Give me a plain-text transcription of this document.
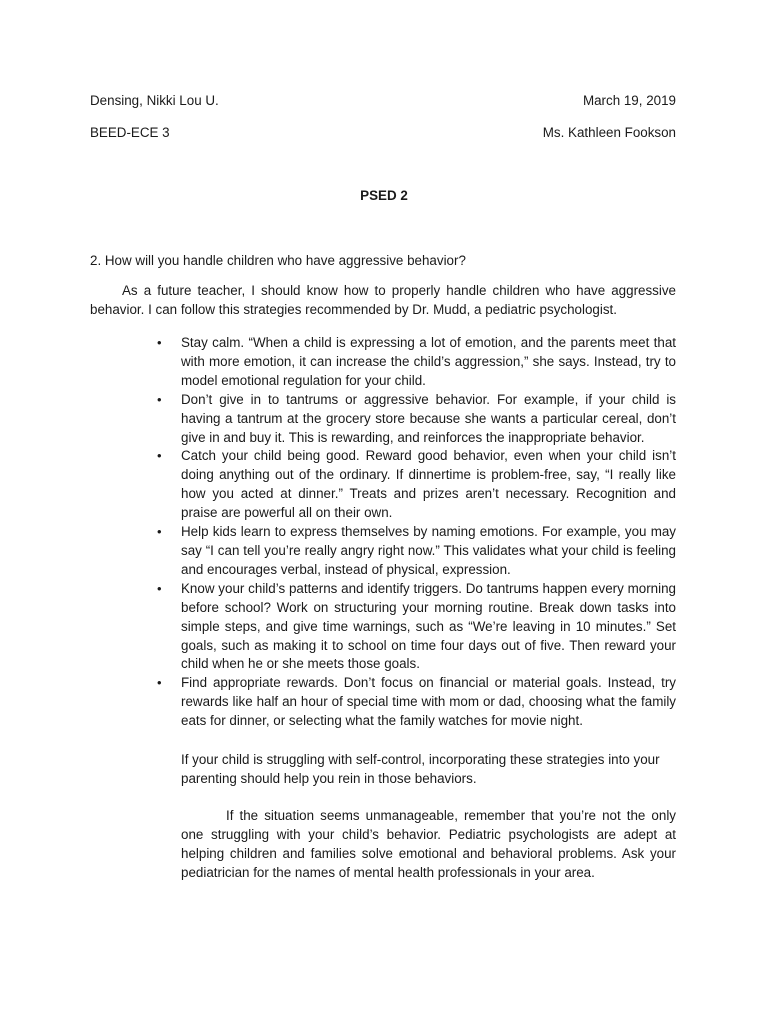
Densing, Nikki Lou U.	March 19, 2019
BEED-ECE 3	Ms. Kathleen Fookson
PSED 2
2. How will you handle children who have aggressive behavior?
As a future teacher, I should know how to properly handle children who have aggressive behavior. I can follow this strategies recommended by Dr. Mudd, a pediatric psychologist.
• Stay calm. “When a child is expressing a lot of emotion, and the parents meet that with more emotion, it can increase the child’s aggression,” she says. Instead, try to model emotional regulation for your child.
• Don’t give in to tantrums or aggressive behavior. For example, if your child is having a tantrum at the grocery store because she wants a particular cereal, don’t give in and buy it. This is rewarding, and reinforces the inappropriate behavior.
• Catch your child being good. Reward good behavior, even when your child isn’t doing anything out of the ordinary. If dinnertime is problem-free, say, “I really like how you acted at dinner.” Treats and prizes aren’t necessary. Recognition and praise are powerful all on their own.
• Help kids learn to express themselves by naming emotions. For example, you may say “I can tell you’re really angry right now.” This validates what your child is feeling and encourages verbal, instead of physical, expression.
• Know your child’s patterns and identify triggers. Do tantrums happen every morning before school? Work on structuring your morning routine. Break down tasks into simple steps, and give time warnings, such as “We’re leaving in 10 minutes.” Set goals, such as making it to school on time four days out of five. Then reward your child when he or she meets those goals.
• Find appropriate rewards. Don’t focus on financial or material goals. Instead, try rewards like half an hour of special time with mom or dad, choosing what the family eats for dinner, or selecting what the family watches for movie night.
If your child is struggling with self-control, incorporating these strategies into your parenting should help you rein in those behaviors.
If the situation seems unmanageable, remember that you’re not the only one struggling with your child’s behavior. Pediatric psychologists are adept at helping children and families solve emotional and behavioral problems. Ask your pediatrician for the names of mental health professionals in your area.
